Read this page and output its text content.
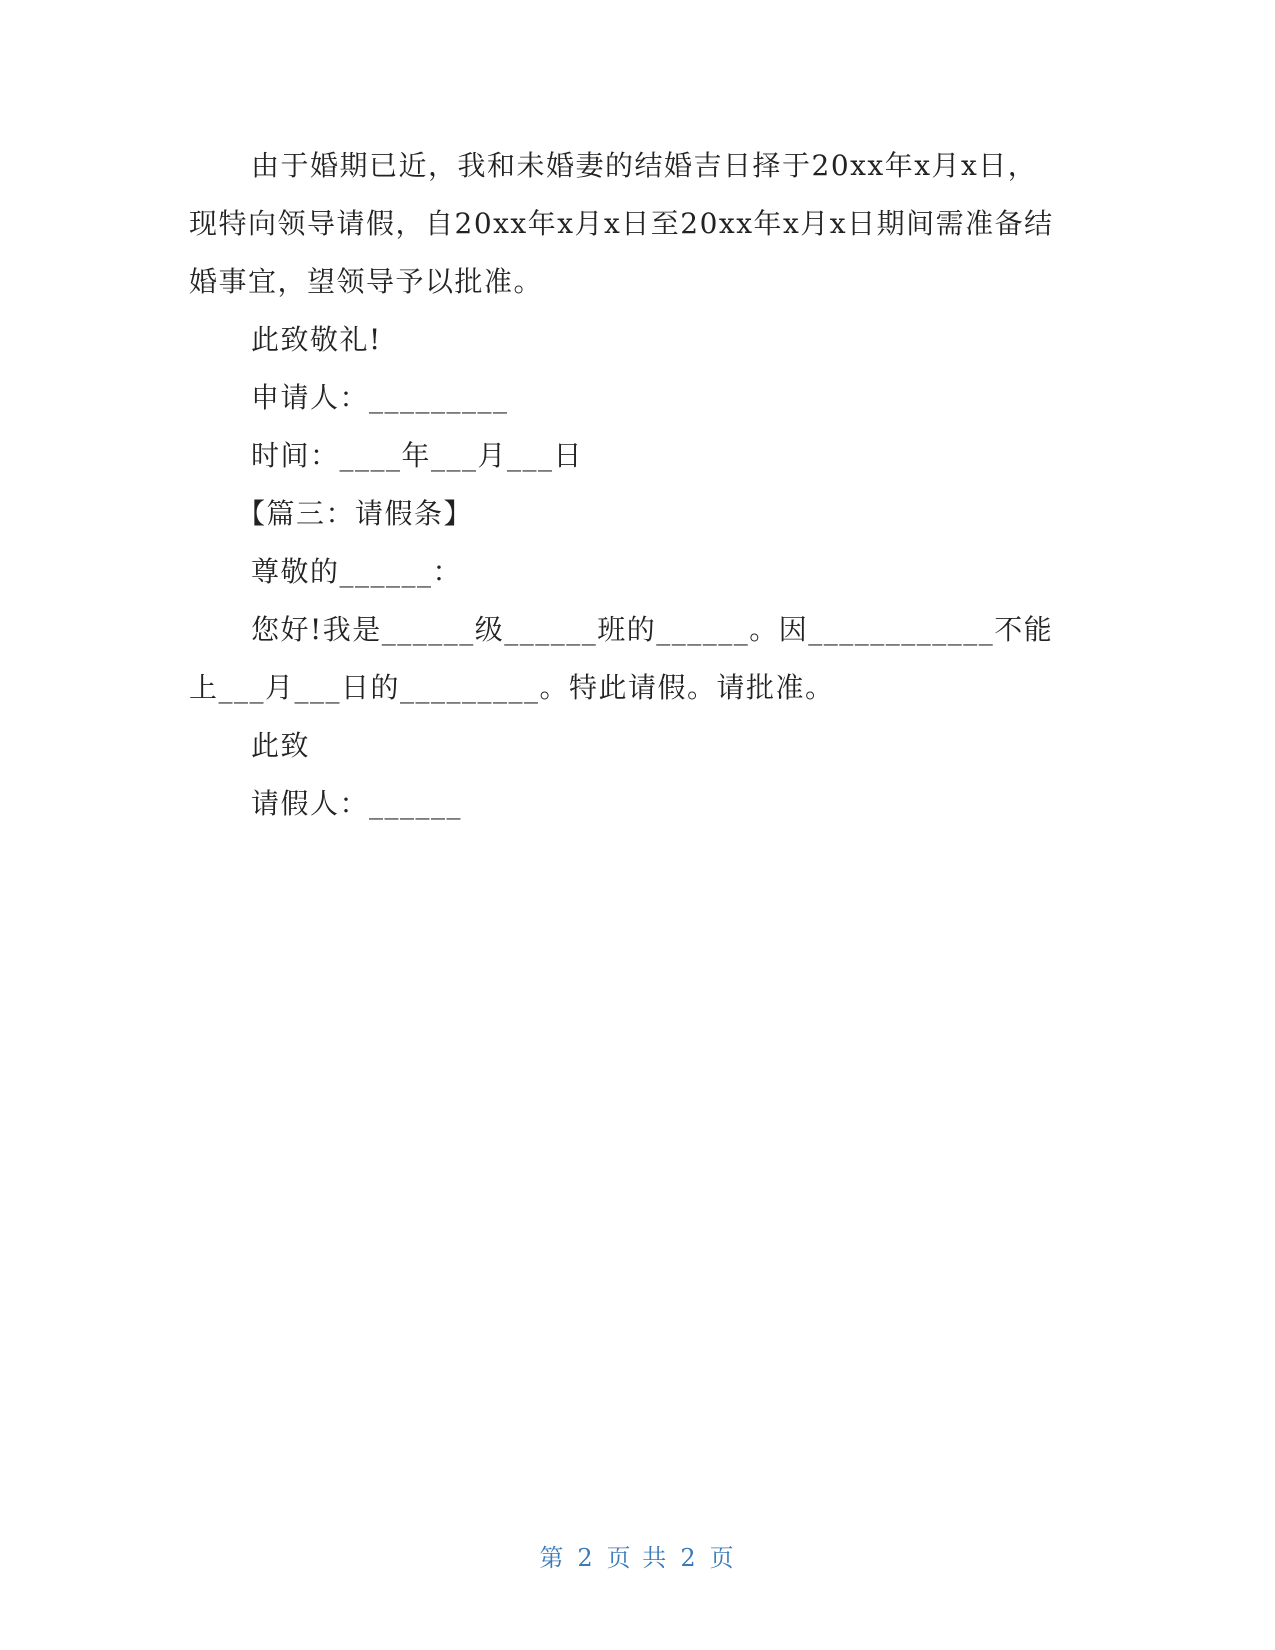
由于婚期已近，我和未婚妻的结婚吉日择于20xx年x月x日，
现特向领导请假，自20xx年x月x日至20xx年x月x日期间需准备结
婚事宜，望领导予以批准。
此致敬礼!
申请人：_________
时间：____年___月___日
【篇三：请假条】
尊敬的______：
您好!我是______级______班的______。因____________不能
上___月___日的_________。特此请假。请批准。
此致
请假人：______
第 2 页 共 2 页
